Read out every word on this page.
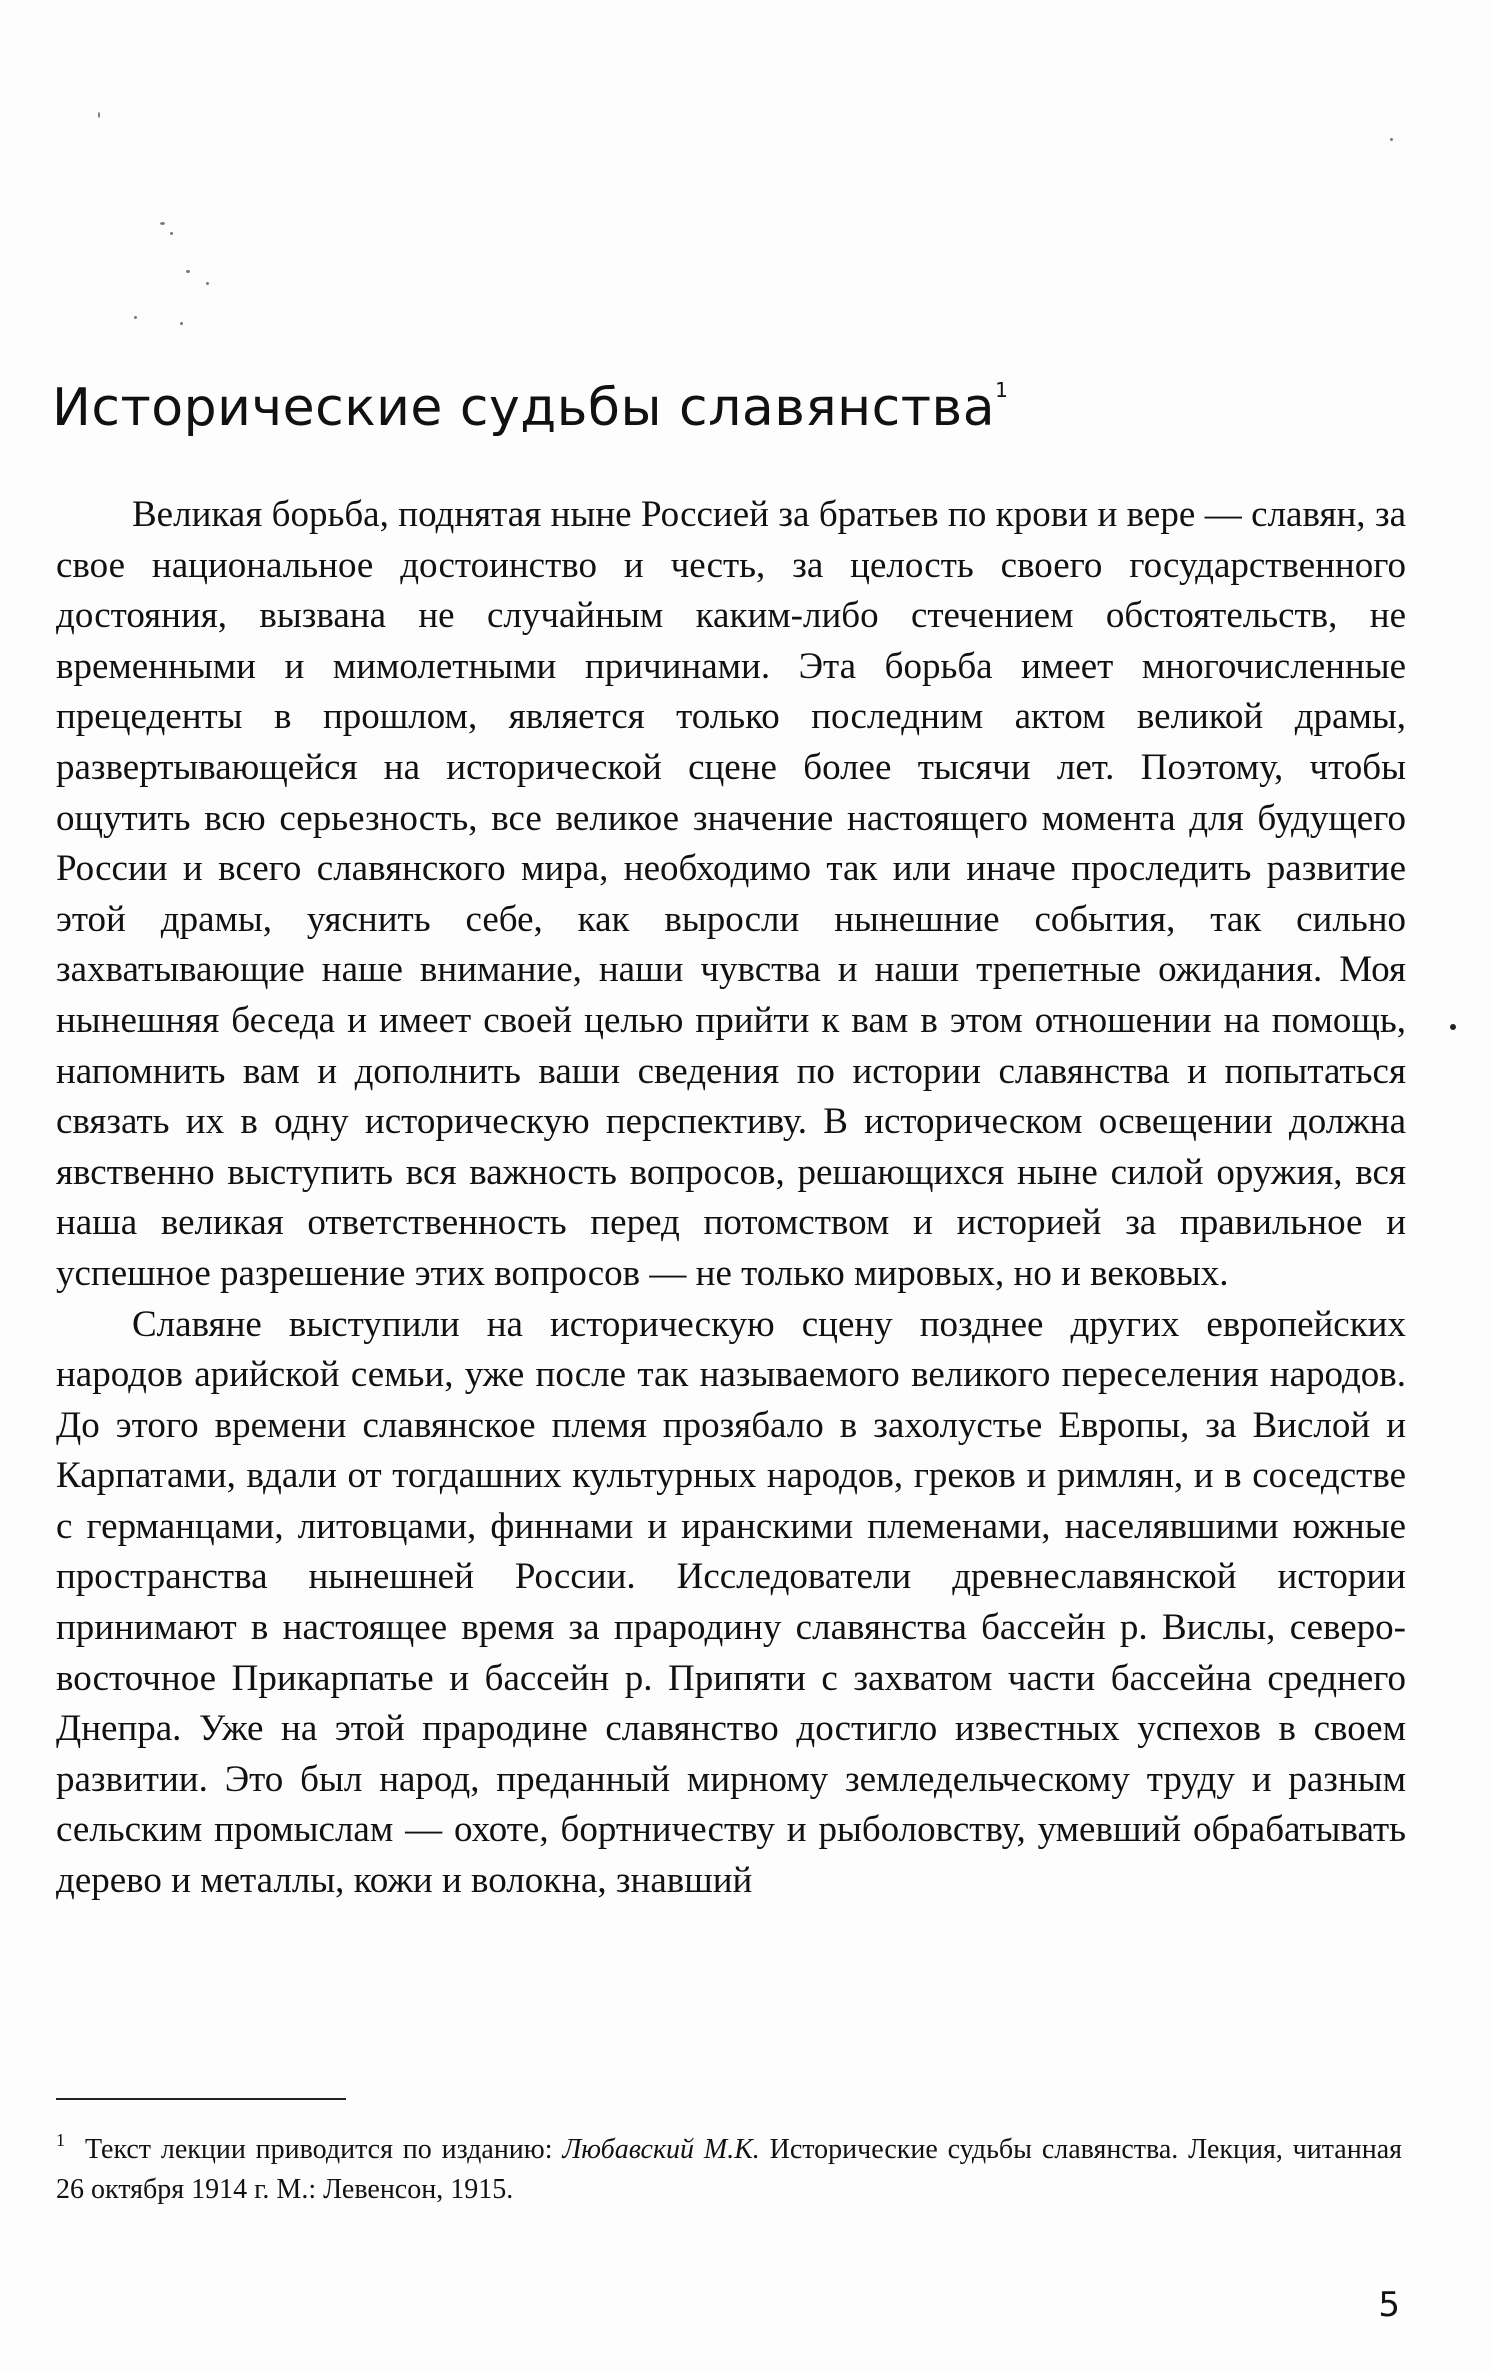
Исторические судьбы славянства$^1$

Великая борьба, поднятая ныне Россией за братьев по крови и вере — славян, за свое национальное достоинство и честь, за целость своего государственного достояния, вызвана не случайным каким-либо стечением обстоятельств, не временными и мимолетными причинами. Эта борьба имеет многочисленные прецеденты в прошлом, является только последним актом великой драмы, развертывающейся на исторической сцене более тысячи лет. Поэтому, чтобы ощутить всю серьезность, все великое значение настоящего момента для будущего России и всего славянского мира, необходимо так или иначе проследить развитие этой драмы, уяснить себе, как выросли нынешние события, так сильно захватывающие наше внимание, наши чувства и наши трепетные ожидания. Моя нынешняя беседа и имеет своей целью прийти к вам в этом отношении на помощь, напомнить вам и дополнить ваши сведения по истории славянства и попытаться связать их в одну историческую перспективу. В историческом освещении должна явственно выступить вся важность вопросов, решающихся ныне силой оружия, вся наша великая ответственность перед потомством и историей за правильное и успешное разрешение этих вопросов — не только мировых, но и вековых.

Славяне выступили на историческую сцену позднее других европейских народов арийской семьи, уже после так называемого великого переселения народов. До этого времени славянское племя прозябало в захолустье Европы, за Вислой и Карпатами, вдали от тогдашних культурных народов, греков и римлян, и в соседстве с германцами, литовцами, финнами и иранскими племенами, населявшими южные пространства нынешней России. Исследователи древнеславянской истории принимают в настоящее время за прародину славянства бассейн р. Вислы, северо-восточное Прикарпатье и бассейн р. Припяти с захватом части бассейна среднего Днепра. Уже на этой прародине славянство достигло известных успехов в своем развитии. Это был народ, преданный мирному земледельческому труду и разным сельским промыслам — охоте, бортничеству и рыболовству, умевший обрабатывать дерево и металлы, кожи и волокна, знавший

$^1$ Текст лекции приводится по изданию: Любавский М.К. Исторические судьбы славянства. Лекция, читанная 26 октября 1914 г. М.: Левенсон, 1915.
5
